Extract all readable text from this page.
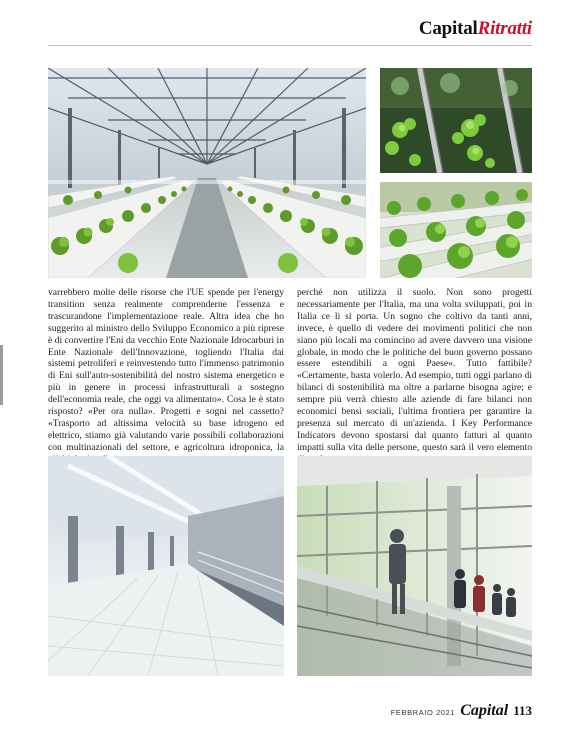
CapitalRitratti
varrebbero molte delle risorse che l'UE spende per l'energy transition senza realmente comprenderne l'essenza e trascurandone l'implementazione reale. Altra idea che ho suggerito al ministro dello Sviluppo Economico a più riprese è di convertire l'Eni da vecchio Ente Nazionale Idrocarburi in Ente Nazionale dell'Innovazione, togliendo l'Italia dai sistemi petroliferi e reinvestendo tutto l'immenso patrimonio di Eni sull'auto-sostenibilità del nostro sistema energetico e più in genere in processi infrastrutturali a sostegno dell'economia reale, che oggi va alimentato». Cosa le è stato risposto? «Per ora nulla». Progetti e sogni nel cassetto? «Trasporto ad altissima velocità su base idrogeno ed elettrico, stiamo già valutando varie possibili collaborazioni con multinazionali del settore, e agricoltura idroponica, la
perché non utilizza il suolo. Non sono progetti necessariamente per l'Italia, ma una volta sviluppati, poi in Italia ce li si porta. Un sogno che coltivo da tanti anni, invece, è quello di vedere dei movimenti politici che non siano più locali ma comincino ad avere davvero una visione globale, in modo che le politiche del buon governo possano essere estendibili a ogni Paese». Tutto fattibile? «Certamente, basta volerlo. Ad esempio, tutti oggi parlano di bilanci di sostenibilità ma oltre a parlarne bisogna agire; e sempre più verrà chiesto alle aziende di fare bilanci non economici bensì sociali, l'ultima frontiera per garantire la presenza sul mercato di un'azienda. I Key Performance Indicators devono spostarsi dal quanto fatturi al quanto impatti sulla vita delle persone, questo sarà il vero elemento
FEBBRAIO 2021 Capital 113
